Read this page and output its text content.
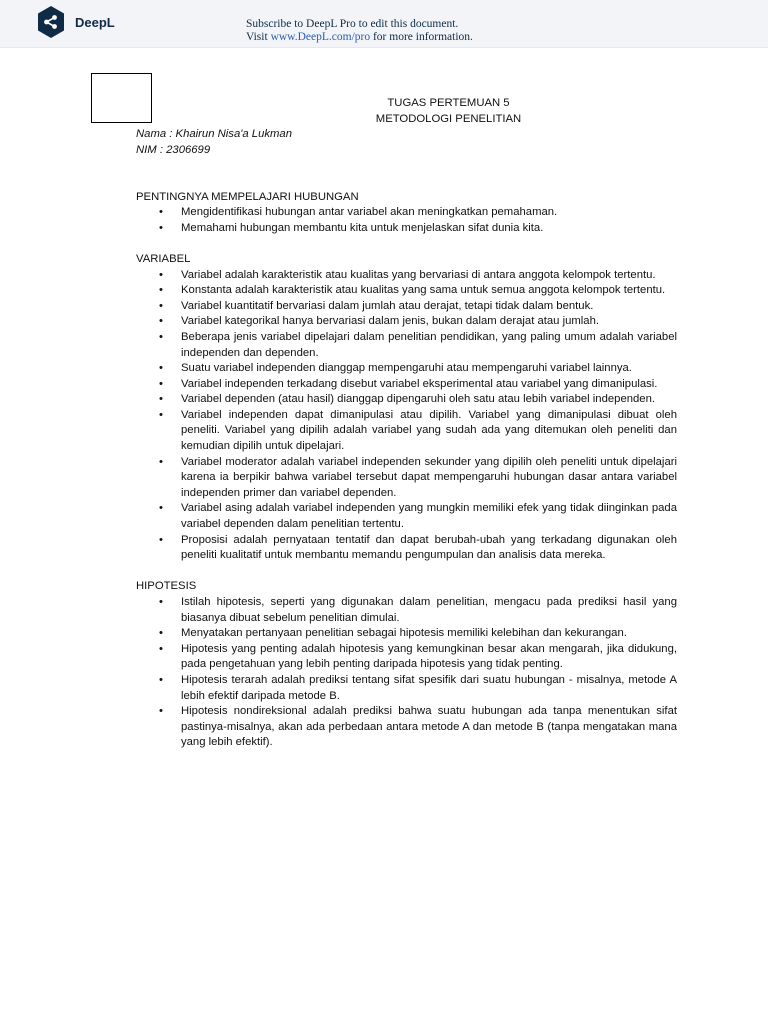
DeepL	Subscribe to DeepL Pro to edit this document.
Visit www.DeepL.com/pro for more information.

TUGAS PERTEMUAN 5

METODOLOGI PENELITIAN

Nama : Khairun Nisa'a Lukman

NIM : 2306699

PENTINGNYA MEMPELAJARI HUBUNGAN

• Mengidentifikasi hubungan antar variabel akan meningkatkan pemahaman.
• Memahami hubungan membantu kita untuk menjelaskan sifat dunia kita.

VARIABEL

• Variabel adalah karakteristik atau kualitas yang bervariasi di antara anggota kelompok tertentu.
• Konstanta adalah karakteristik atau kualitas yang sama untuk semua anggota kelompok tertentu.
• Variabel kuantitatif bervariasi dalam jumlah atau derajat, tetapi tidak dalam bentuk.
• Variabel kategorikal hanya bervariasi dalam jenis, bukan dalam derajat atau jumlah.
• Beberapa jenis variabel dipelajari dalam penelitian pendidikan, yang paling umum adalah variabel independen dan dependen.
• Suatu variabel independen dianggap mempengaruhi atau mempengaruhi variabel lainnya.
• Variabel independen terkadang disebut variabel eksperimental atau variabel yang dimanipulasi.
• Variabel dependen (atau hasil) dianggap dipengaruhi oleh satu atau lebih variabel independen.
• Variabel independen dapat dimanipulasi atau dipilih. Variabel yang dimanipulasi dibuat oleh peneliti. Variabel yang dipilih adalah variabel yang sudah ada yang ditemukan oleh peneliti dan kemudian dipilih untuk dipelajari.
• Variabel moderator adalah variabel independen sekunder yang dipilih oleh peneliti untuk dipelajari karena ia berpikir bahwa variabel tersebut dapat mempengaruhi hubungan dasar antara variabel independen primer dan variabel dependen.
• Variabel asing adalah variabel independen yang mungkin memiliki efek yang tidak diinginkan pada variabel dependen dalam penelitian tertentu.
• Proposisi adalah pernyataan tentatif dan dapat berubah-ubah yang terkadang digunakan oleh peneliti kualitatif untuk membantu memandu pengumpulan dan analisis data mereka.

HIPOTESIS

• Istilah hipotesis, seperti yang digunakan dalam penelitian, mengacu pada prediksi hasil yang biasanya dibuat sebelum penelitian dimulai.
• Menyatakan pertanyaan penelitian sebagai hipotesis memiliki kelebihan dan kekurangan.
• Hipotesis yang penting adalah hipotesis yang kemungkinan besar akan mengarah, jika didukung, pada pengetahuan yang lebih penting daripada hipotesis yang tidak penting.
• Hipotesis terarah adalah prediksi tentang sifat spesifik dari suatu hubungan - misalnya, metode A lebih efektif daripada metode B.
• Hipotesis nondireksional adalah prediksi bahwa suatu hubungan ada tanpa menentukan sifat pastinya-misalnya, akan ada perbedaan antara metode A dan metode B (tanpa mengatakan mana yang lebih efektif).
